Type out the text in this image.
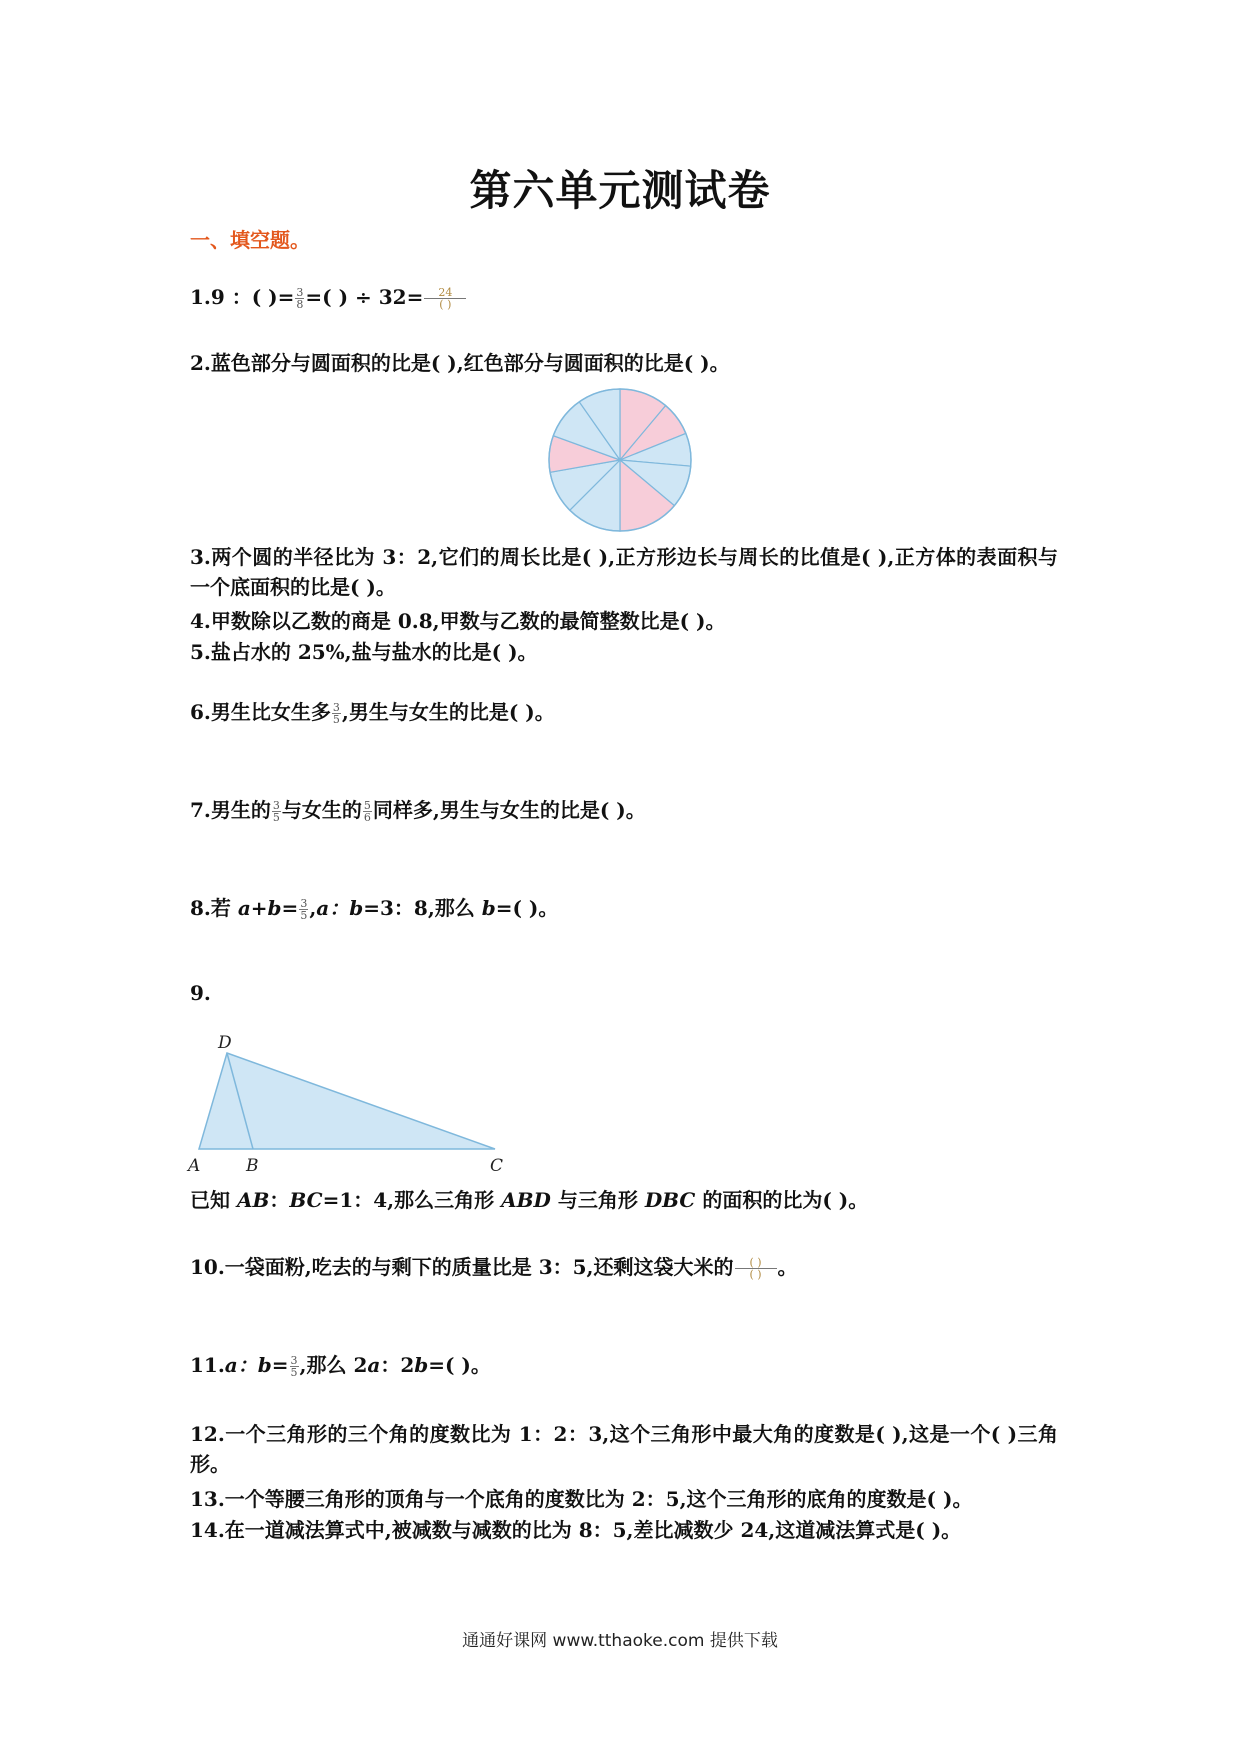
第六单元测试卷
一、填空题。
1.9 ：( )= $\frac{3}{8}$ =( ) ÷ $32= \frac{24}{( )}$
2.蓝色部分与圆面积的比是( ),红色部分与圆面积的比是( )。
3.两个圆的半径比为 3：2,它们的周长比是( ),正方形边长与周长的比值是( ),正方体的表面积与一个底面积的比是( )。
4.甲数除以乙数的商是 0.8,甲数与乙数的最简整数比是( )。
5.盐占水的 25%,盐与盐水的比是( )。
6.男生比女生多 $\frac{3}{5}$ ,男生与女生的比是( )。
7.男生的 $\frac{3}{5}$ 与女生的 $\frac{5}{6}$ 同样多,男生与女生的比是( )。
8.若 $a+b= \frac{3}{5} ,a$：b=3：8,那么 b=( )。
9.
D
A	B	C
已知 AB：BC=1：4,那么三角形 ABD 与三角形 DBC 的面积的比为( )。
10.一袋面粉,吃去的与剩下的质量比是 3：5,还剩这袋大米的 $\frac{( )}{( )}$ 。
11.a：$b= \frac{3}{5}$ ,那么 2a：2b=( )。
12.一个三角形的三个角的度数比为 1：2：3,这个三角形中最大角的度数是( ),这是一个( )三角形。
13.一个等腰三角形的顶角与一个底角的度数比为 2：5,这个三角形的底角的度数是( )。
14.在一道减法算式中,被减数与减数的比为 8：5,差比减数少 24,这道减法算式是( )。
通通好课网 www.tthaoke.com 提供下载
